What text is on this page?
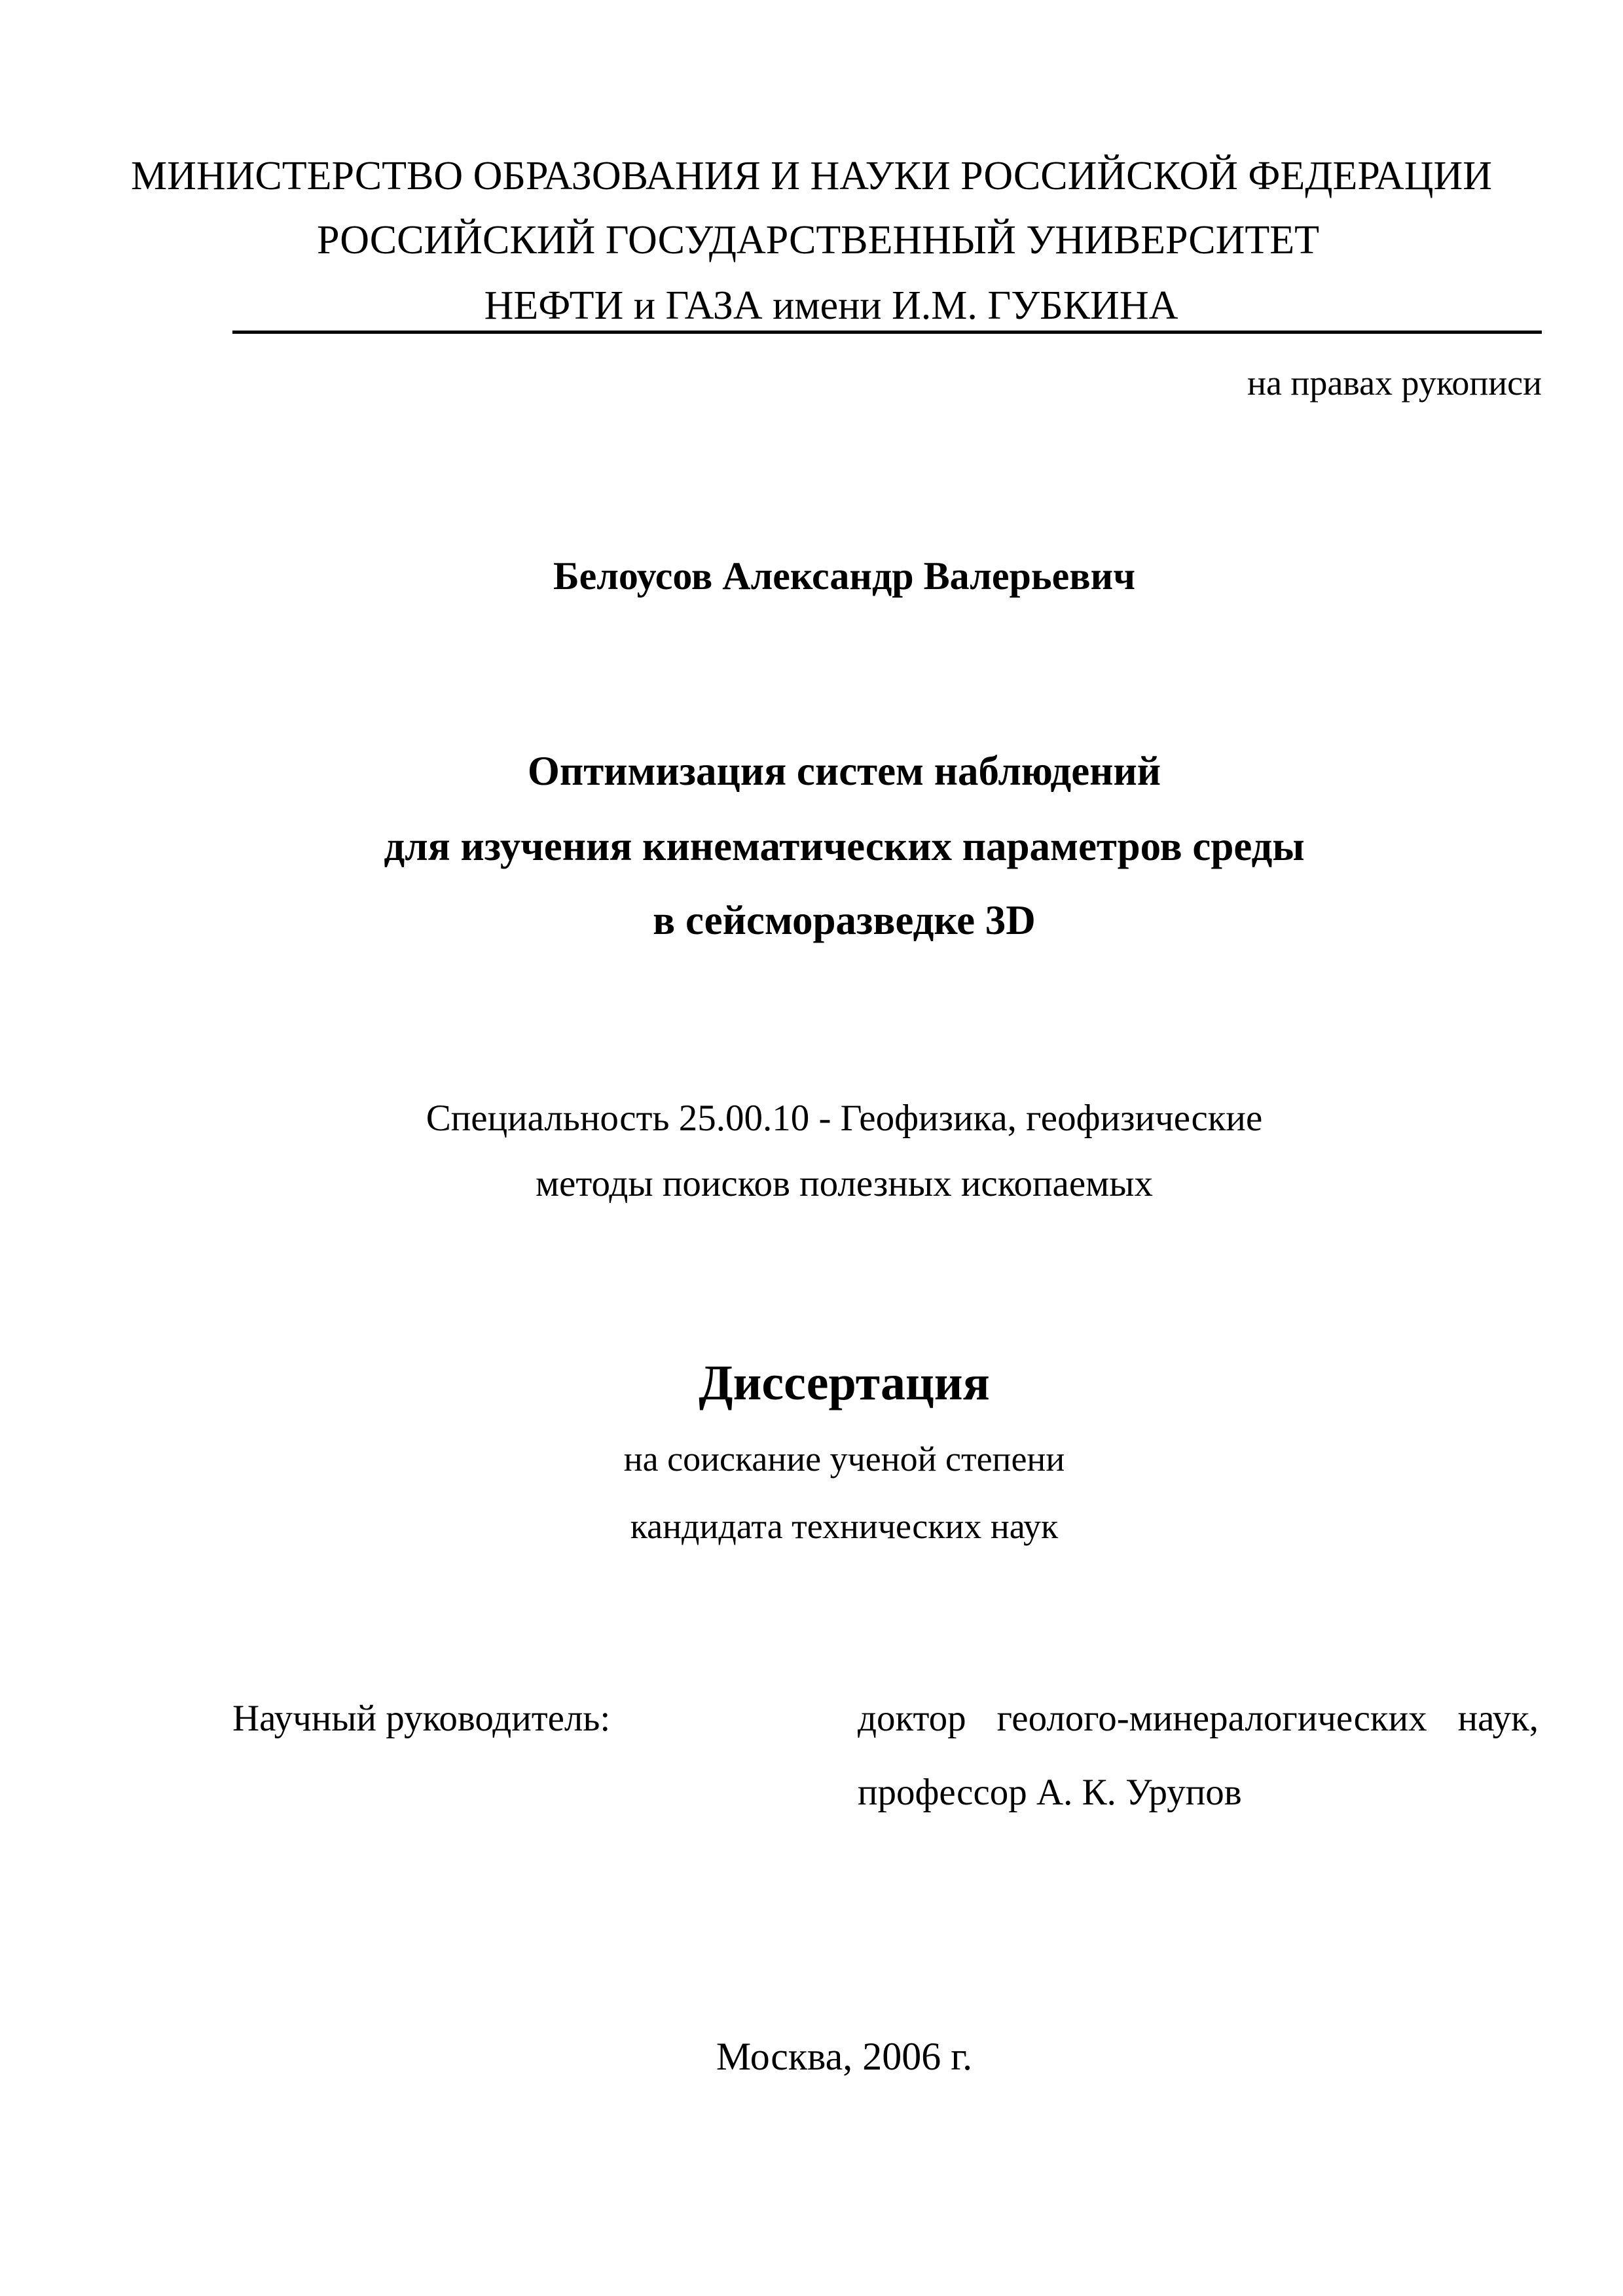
МИНИСТЕРСТВО ОБРАЗОВАНИЯ И НАУКИ РОССИЙСКОЙ ФЕДЕРАЦИИ
РОССИЙСКИЙ ГОСУДАРСТВЕННЫЙ УНИВЕРСИТЕТ
НЕФТИ и ГАЗА имени И.М. ГУБКИНА
на правах рукописи
Белоусов Александр Валерьевич
Оптимизация систем наблюдений
для изучения кинематических параметров среды
в сейсморазведке 3D
Специальность 25.00.10 - Геофизика, геофизические
методы поисков полезных ископаемых
Диссертация
на соискание ученой степени
кандидата технических наук
Научный руководитель:	доктор геолого-минералогических наук,
профессор А. К. Урупов
Москва, 2006 г.
